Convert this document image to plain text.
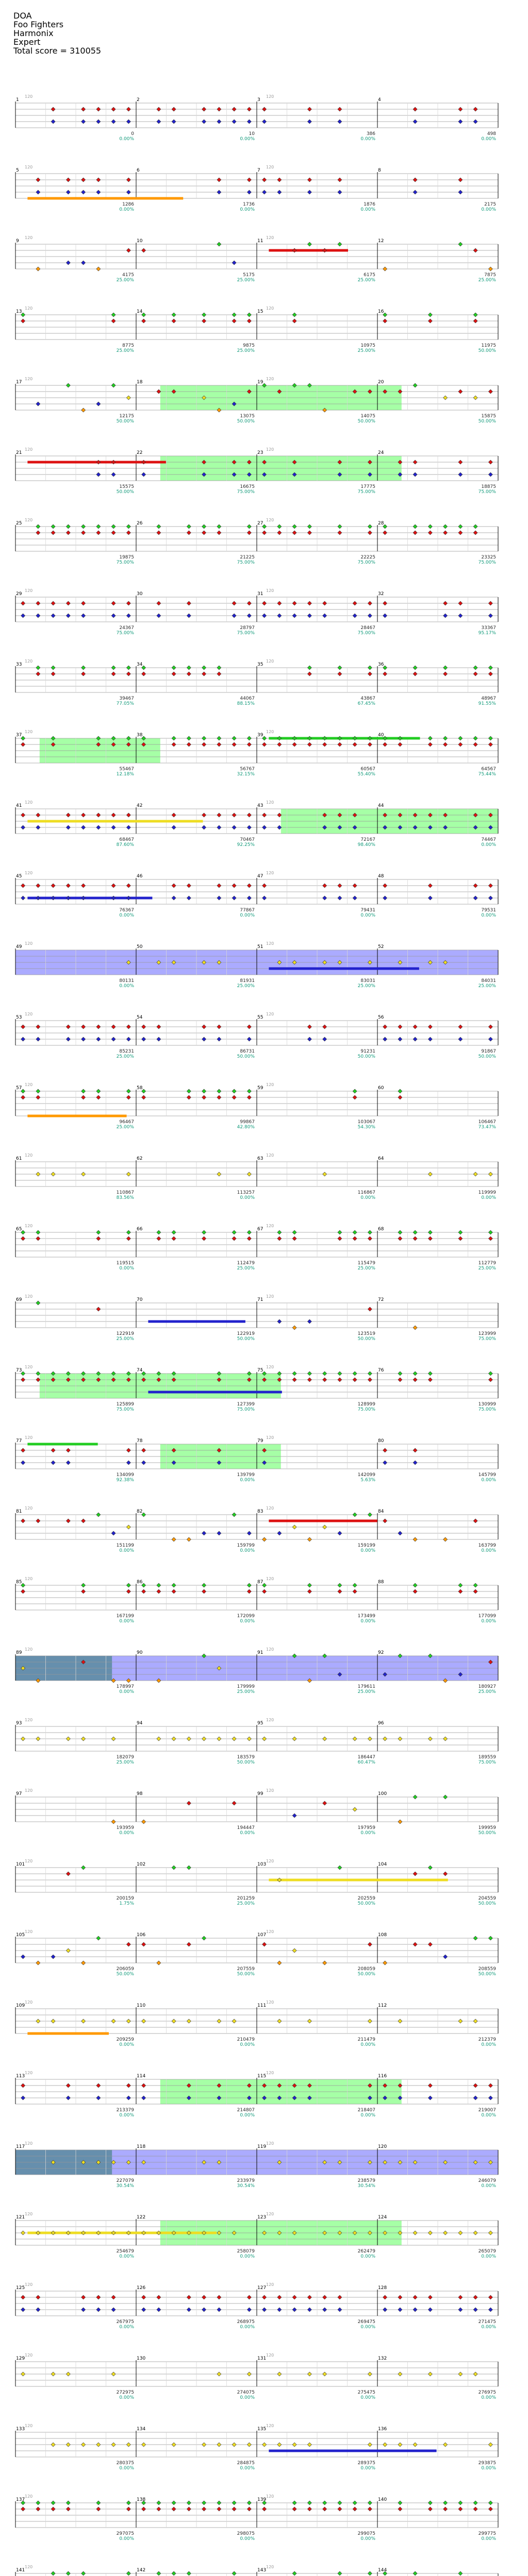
DOA
Foo Fighters
Harmonix
Expert
Total score = 310055
1
120
0
0.00%
2
10
0.00%
3
120
386
0.00%
4
498
0.00%
5
120
1286
0.00%
6
1736
0.00%
7
120
1876
0.00%
8
2175
0.00%
9
120
4175
25.00%
10
5175
25.00%
11
120
6175
25.00%
12
7875
25.00%
13
120
8775
25.00%
14
9875
25.00%
15
120
10975
25.00%
16
11975
50.00%
17
120
12175
50.00%
18
13075
50.00%
19
120
14075
50.00%
20
15875
50.00%
21
120
15575
50.00%
22
16675
75.00%
23
120
17775
75.00%
24
18875
75.00%
25
120
19875
75.00%
26
21225
75.00%
27
120
22225
75.00%
28
23325
75.00%
29
120
24367
75.00%
30
28797
75.00%
31
120
28467
75.00%
32
33367
95.17%
33
120
39467
77.05%
34
44067
88.15%
35
120
43867
67.45%
36
48967
91.55%
37
120
55467
12.18%
38
56767
32.15%
39
120
60567
55.40%
40
64567
75.44%
41
120
68467
87.60%
42
70467
92.25%
43
120
72167
98.40%
44
74467
0.00%
45
120
76367
0.00%
46
77867
0.00%
47
120
79431
0.00%
48
79531
0.00%
49
120
80131
0.00%
50
81931
25.00%
51
120
83031
25.00%
52
84031
25.00%
53
120
85231
25.00%
54
86731
50.00%
55
120
91231
50.00%
56
91867
50.00%
57
120
96467
25.00%
58
99867
42.80%
59
120
103067
54.30%
60
106467
73.47%
61
120
110867
83.56%
62
113257
0.00%
63
120
116867
0.00%
64
119999
0.00%
65
120
119515
0.00%
66
112479
25.00%
67
120
115479
25.00%
68
112779
25.00%
69
120
122919
25.00%
70
122919
50.00%
71
120
123519
50.00%
72
123999
75.00%
73
120
125899
75.00%
74
127399
75.00%
75
120
128999
75.00%
76
130999
75.00%
77
120
134099
92.38%
78
139799
0.00%
79
120
142099
5.63%
80
145799
0.00%
81
120
151199
0.00%
82
159799
0.00%
83
120
159199
0.00%
84
163799
0.00%
85
120
167199
0.00%
86
172099
0.00%
87
120
173499
0.00%
88
177099
0.00%
89
120
178997
0.00%
90
179999
25.00%
91
120
179611
25.00%
92
180927
25.00%
93
120
182079
25.00%
94
183579
50.00%
95
120
186447
60.47%
96
189559
75.00%
97
120
193959
0.00%
98
194447
0.00%
99
120
197959
0.00%
100
199959
50.00%
101
120
200159
1.75%
102
201259
25.00%
103
120
202559
50.00%
104
204559
50.00%
105
120
206059
50.00%
106
207559
50.00%
107
120
208059
50.00%
108
208559
50.00%
109
120
209259
0.00%
110
210479
0.00%
111
120
211479
0.00%
112
212379
0.00%
113
120
213379
0.00%
114
214807
0.00%
115
120
218407
0.00%
116
219007
0.00%
117
120
227079
30.54%
118
233979
30.54%
119
120
238579
30.54%
120
246079
0.00%
121
120
254679
0.00%
122
258079
0.00%
123
120
262479
0.00%
124
265079
0.00%
125
120
267975
0.00%
126
268975
0.00%
127
120
269475
0.00%
128
271475
0.00%
129
120
272975
0.00%
130
274075
0.00%
131
120
275475
0.00%
132
276975
0.00%
133
120
280375
0.00%
134
284875
0.00%
135
120
289375
0.00%
136
293875
0.00%
137
120
297075
0.00%
138
298075
0.00%
139
120
299075
0.00%
140
299775
0.00%
141
120
142	143
120
144
